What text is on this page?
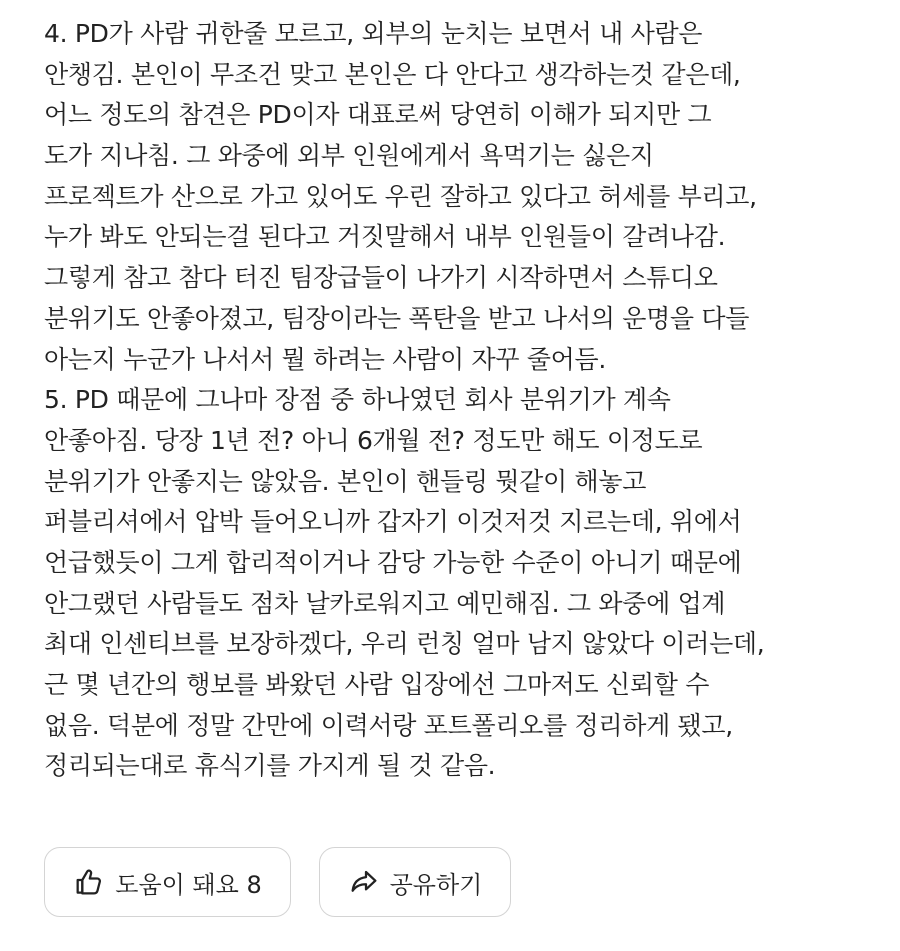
4. PD가 사람 귀한줄 모르고, 외부의 눈치는 보면서 내 사람은
안챙김. 본인이 무조건 맞고 본인은 다 안다고 생각하는것 같은데,
어느 정도의 참견은 PD이자 대표로써 당연히 이해가 되지만 그
도가 지나침. 그 와중에 외부 인원에게서 욕먹기는 싫은지
프로젝트가 산으로 가고 있어도 우린 잘하고 있다고 허세를 부리고,
누가 봐도 안되는걸 된다고 거짓말해서 내부 인원들이 갈려나감.
그렇게 참고 참다 터진 팀장급들이 나가기 시작하면서 스튜디오
분위기도 안좋아졌고, 팀장이라는 폭탄을 받고 나서의 운명을 다들
아는지 누군가 나서서 뭘 하려는 사람이 자꾸 줄어듬.
5. PD 때문에 그나마 장점 중 하나였던 회사 분위기가 계속
안좋아짐. 당장 1년 전? 아니 6개월 전? 정도만 해도 이정도로
분위기가 안좋지는 않았음. 본인이 핸들링 뭣같이 해놓고
퍼블리셔에서 압박 들어오니까 갑자기 이것저것 지르는데, 위에서
언급했듯이 그게 합리적이거나 감당 가능한 수준이 아니기 때문에
안그랬던 사람들도 점차 날카로워지고 예민해짐. 그 와중에 업계
최대 인센티브를 보장하겠다, 우리 런칭 얼마 남지 않았다 이러는데,
근 몇 년간의 행보를 봐왔던 사람 입장에선 그마저도 신뢰할 수
없음. 덕분에 정말 간만에 이력서랑 포트폴리오를 정리하게 됐고,
정리되는대로 휴식기를 가지게 될 것 같음.
도움이 돼요 8	공유하기
